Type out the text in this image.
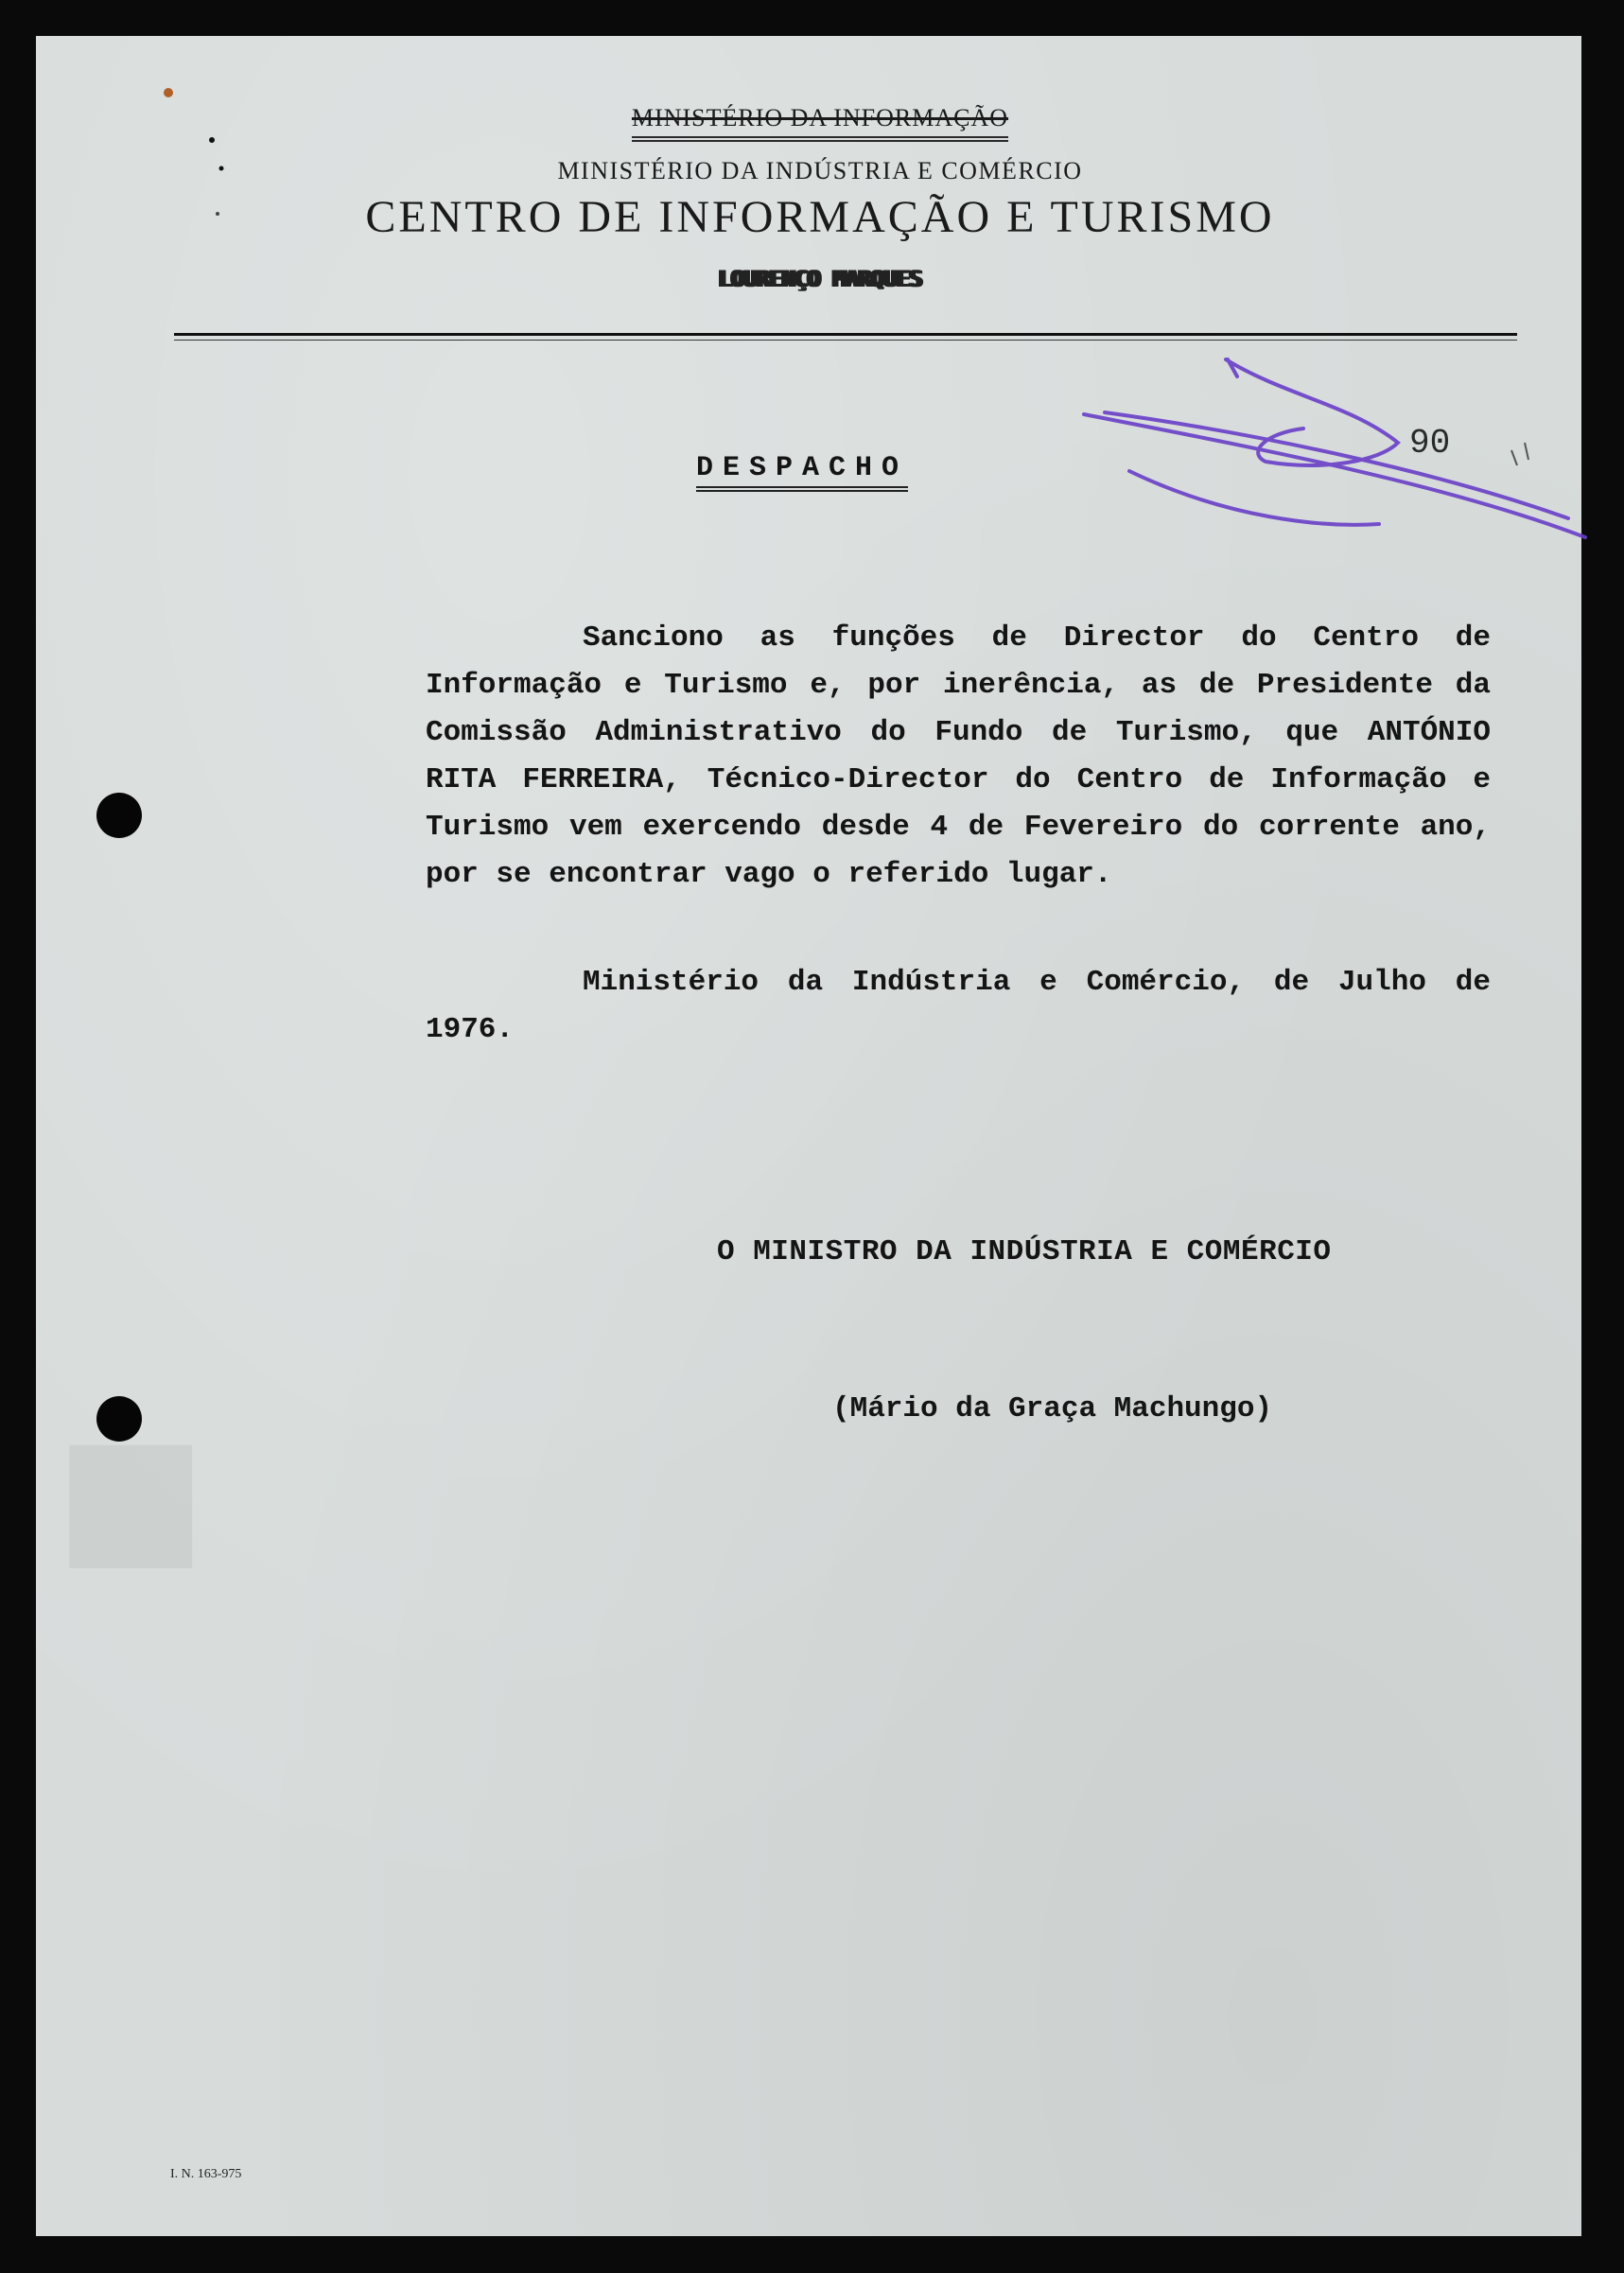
■
MINISTÉRIO DA INFORMAÇÃO
MINISTÉRIO DA INDÚSTRIA E COMÉRCIO
CENTRO DE INFORMAÇÃO E TURISMO
LOURENÇO MARQUES
90
DESPACHO

Sanciono as funções de Director do Centro de Informação e Turismo e, por inerência, as de Presidente da Comissão Administrativo do Fundo de Turismo, que ANTÓNIO RITA FERREIRA, Técnico-Director do Centro de Informação e Turismo vem exercendo desde 4 de Fevereiro do corrente ano, por se encontrar vago o referido lugar.

Ministério da Indústria e Comércio, de Julho de 1976.

O MINISTRO DA INDÚSTRIA E COMÉRCIO
(Mário da Graça Machungo)
I. N. 163-975
